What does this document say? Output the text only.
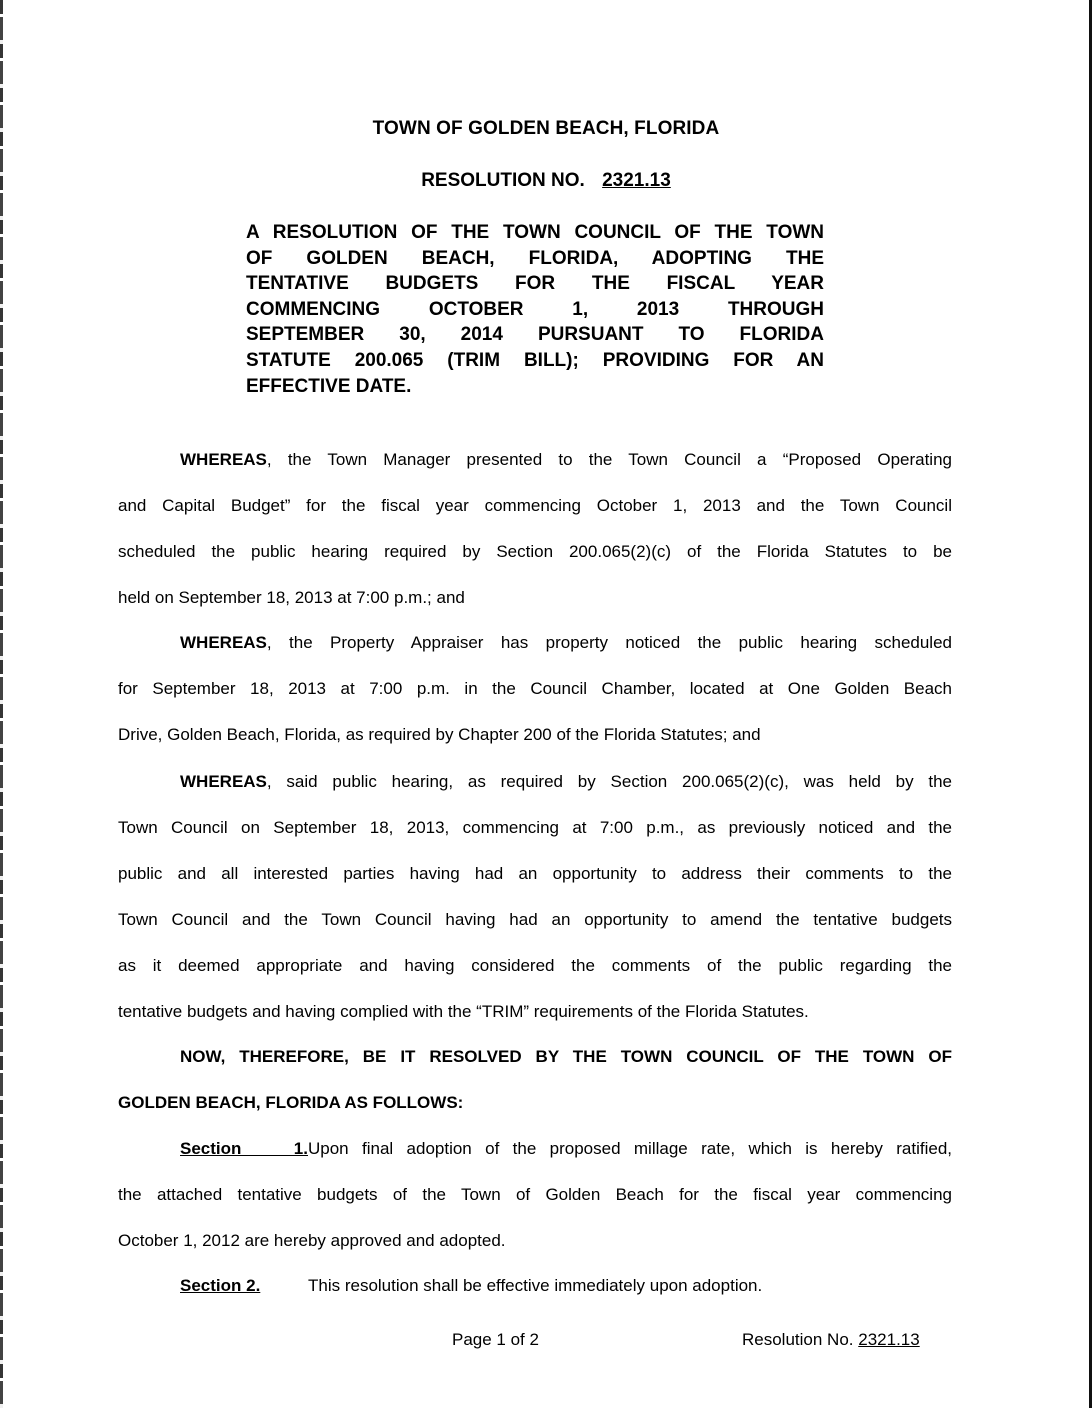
TOWN OF GOLDEN BEACH, FLORIDA
RESOLUTION NO. 2321.13
A RESOLUTION OF THE TOWN COUNCIL OF THE TOWN
OF GOLDEN BEACH, FLORIDA, ADOPTING THE
TENTATIVE BUDGETS FOR THE FISCAL YEAR
COMMENCING OCTOBER 1, 2013 THROUGH
SEPTEMBER 30, 2014 PURSUANT TO FLORIDA
STATUTE 200.065 (TRIM BILL); PROVIDING FOR AN
EFFECTIVE DATE.
WHEREAS, the Town Manager presented to the Town Council a “Proposed Operating
and Capital Budget” for the fiscal year commencing October 1, 2013 and the Town Council
scheduled the public hearing required by Section 200.065(2)(c) of the Florida Statutes to be
held on September 18, 2013 at 7:00 p.m.; and
WHEREAS, the Property Appraiser has property noticed the public hearing scheduled
for September 18, 2013 at 7:00 p.m. in the Council Chamber, located at One Golden Beach
Drive, Golden Beach, Florida, as required by Chapter 200 of the Florida Statutes; and
WHEREAS, said public hearing, as required by Section 200.065(2)(c), was held by the
Town Council on September 18, 2013, commencing at 7:00 p.m., as previously noticed and the
public and all interested parties having had an opportunity to address their comments to the
Town Council and the Town Council having had an opportunity to amend the tentative budgets
as it deemed appropriate and having considered the comments of the public regarding the
tentative budgets and having complied with the “TRIM” requirements of the Florida Statutes.
NOW, THEREFORE, BE IT RESOLVED BY THE TOWN COUNCIL OF THE TOWN OF
GOLDEN BEACH, FLORIDA AS FOLLOWS:
Section 1.Upon final adoption of the proposed millage rate, which is hereby ratified,
the attached tentative budgets of the Town of Golden Beach for the fiscal year commencing
October 1, 2012 are hereby approved and adopted.
Section 2.	This resolution shall be effective immediately upon adoption.
Page 1 of 2	Resolution No. 2321.13
